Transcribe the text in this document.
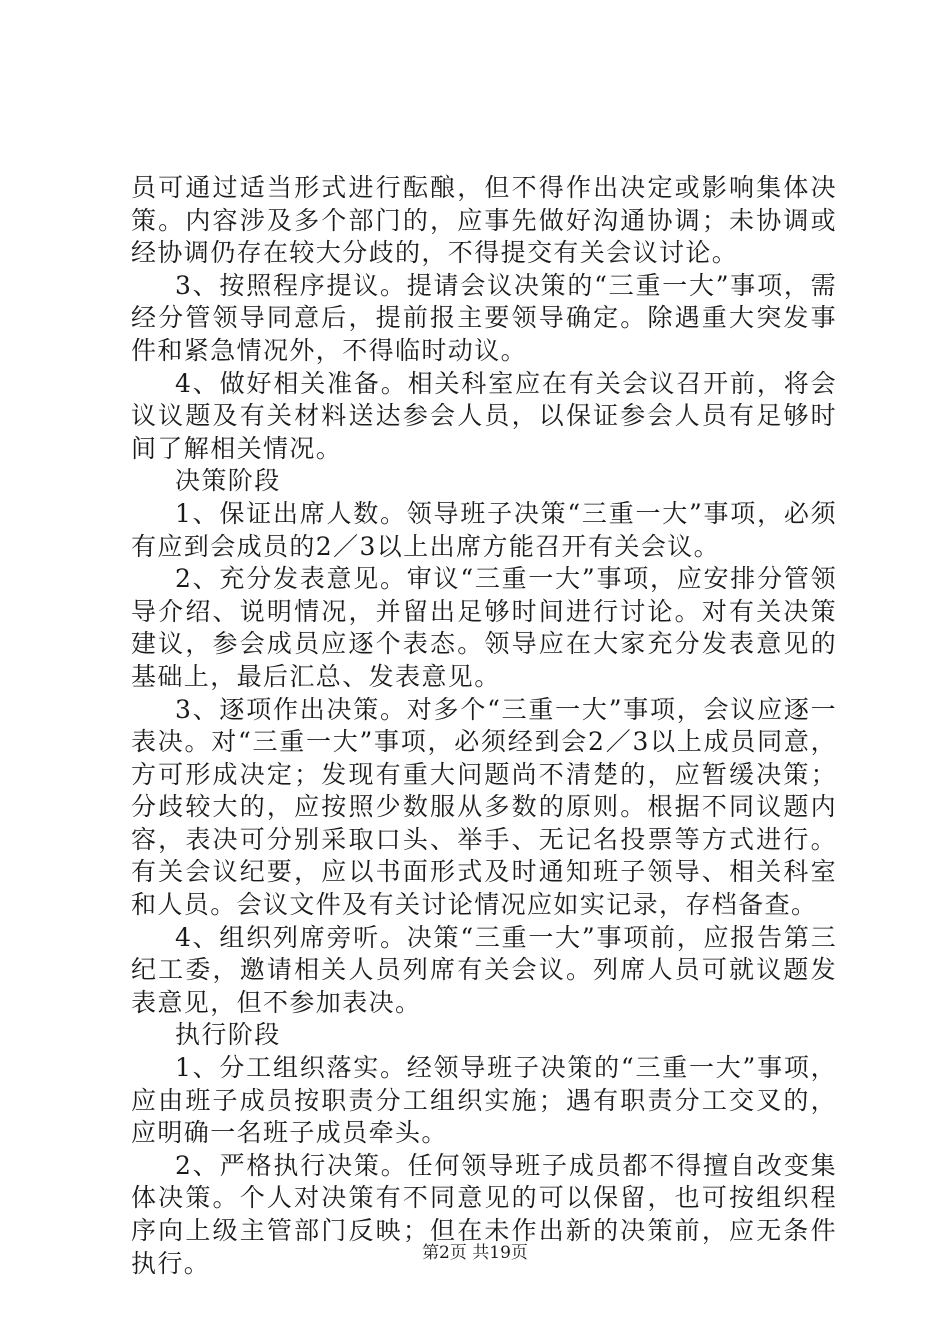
员可通过适当形式进行酝酿，但不得作出决定或影响集体决策。内容涉及多个部门的，应事先做好沟通协调；未协调或经协调仍存在较大分歧的，不得提交有关会议讨论。

3、按照程序提议。提请会议决策的“三重一大”事项，需经分管领导同意后，提前报主要领导确定。除遇重大突发事件和紧急情况外，不得临时动议。

4、做好相关准备。相关科室应在有关会议召开前，将会议议题及有关材料送达参会人员，以保证参会人员有足够时间了解相关情况。

决策阶段

1、保证出席人数。领导班子决策“三重一大”事项，必须有应到会成员的2／3以上出席方能召开有关会议。

2、充分发表意见。审议“三重一大”事项，应安排分管领导介绍、说明情况，并留出足够时间进行讨论。对有关决策建议，参会成员应逐个表态。领导应在大家充分发表意见的基础上，最后汇总、发表意见。

3、逐项作出决策。对多个“三重一大”事项，会议应逐一表决。对“三重一大”事项，必须经到会2／3以上成员同意，方可形成决定；发现有重大问题尚不清楚的，应暂缓决策；分歧较大的，应按照少数服从多数的原则。根据不同议题内容，表决可分别采取口头、举手、无记名投票等方式进行。有关会议纪要，应以书面形式及时通知班子领导、相关科室和人员。会议文件及有关讨论情况应如实记录，存档备查。

4、组织列席旁听。决策“三重一大”事项前，应报告第三纪工委，邀请相关人员列席有关会议。列席人员可就议题发表意见，但不参加表决。

执行阶段

1、分工组织落实。经领导班子决策的“三重一大”事项，应由班子成员按职责分工组织实施；遇有职责分工交叉的，应明确一名班子成员牵头。

2、严格执行决策。任何领导班子成员都不得擅自改变集体决策。个人对决策有不同意见的可以保留，也可按组织程序向上级主管部门反映；但在未作出新的决策前，应无条件执行。	第2页 共19页
